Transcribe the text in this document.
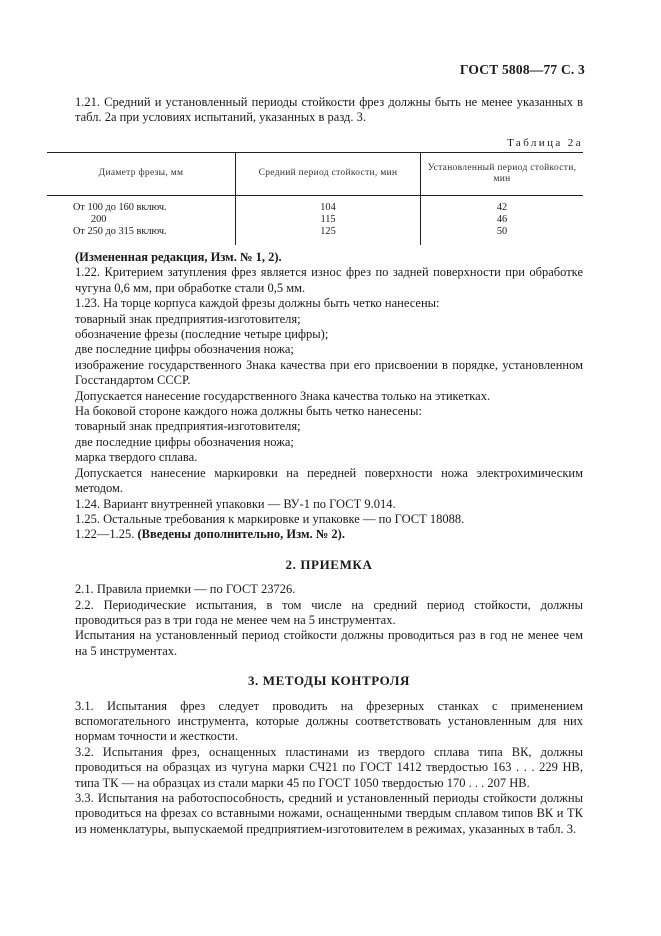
ГОСТ 5808—77 С. 3

1.21. Средний и установленный периоды стойкости фрез должны быть не менее указанных в табл. 2а при условиях испытаний, указанных в разд. 3.

Таблица 2а
Диаметр фрезы, мм	Средний период стойкости, мин	Установленный период стойкости, мин
От 100 до 160 включ.	104	42
200	115	46
От 250 до 315 включ.	125	50

(Измененная редакция, Изм. № 1, 2).

1.22. Критерием затупления фрез является износ фрез по задней поверхности при обработке чугуна 0,6 мм, при обработке стали 0,5 мм.

1.23. На торце корпуса каждой фрезы должны быть четко нанесены:

товарный знак предприятия-изготовителя;

обозначение фрезы (последние четыре цифры);

две последние цифры обозначения ножа;

изображение государственного Знака качества при его присвоении в порядке, установленном Госстандартом СССР.

Допускается нанесение государственного Знака качества только на этикетках.

На боковой стороне каждого ножа должны быть четко нанесены:

товарный знак предприятия-изготовителя;

две последние цифры обозначения ножа;

марка твердого сплава.

Допускается нанесение маркировки на передней поверхности ножа электрохимическим методом.

1.24. Вариант внутренней упаковки — ВУ-1 по ГОСТ 9.014.

1.25. Остальные требования к маркировке и упаковке — по ГОСТ 18088.

1.22—1.25. (Введены дополнительно, Изм. № 2).

2. ПРИЕМКА

2.1. Правила приемки — по ГОСТ 23726.

2.2. Периодические испытания, в том числе на средний период стойкости, должны проводиться раз в три года не менее чем на 5 инструментах.

Испытания на установленный период стойкости должны проводиться раз в год не менее чем на 5 инструментах.

3. МЕТОДЫ КОНТРОЛЯ

3.1. Испытания фрез следует проводить на фрезерных станках с применением вспомогательного инструмента, которые должны соответствовать установленным для них нормам точности и жесткости.

3.2. Испытания фрез, оснащенных пластинами из твердого сплава типа ВК, должны проводиться на образцах из чугуна марки СЧ21 по ГОСТ 1412 твердостью 163 . . . 229 НВ, типа ТК — на образцах из стали марки 45 по ГОСТ 1050 твердостью 170 . . . 207 НВ.

3.3. Испытания на работоспособность, средний и установленный периоды стойкости должны проводиться на фрезах со вставными ножами, оснащенными твердым сплавом типов ВК и ТК из номенклатуры, выпускаемой предприятием-изготовителем в режимах, указанных в табл. 3.
